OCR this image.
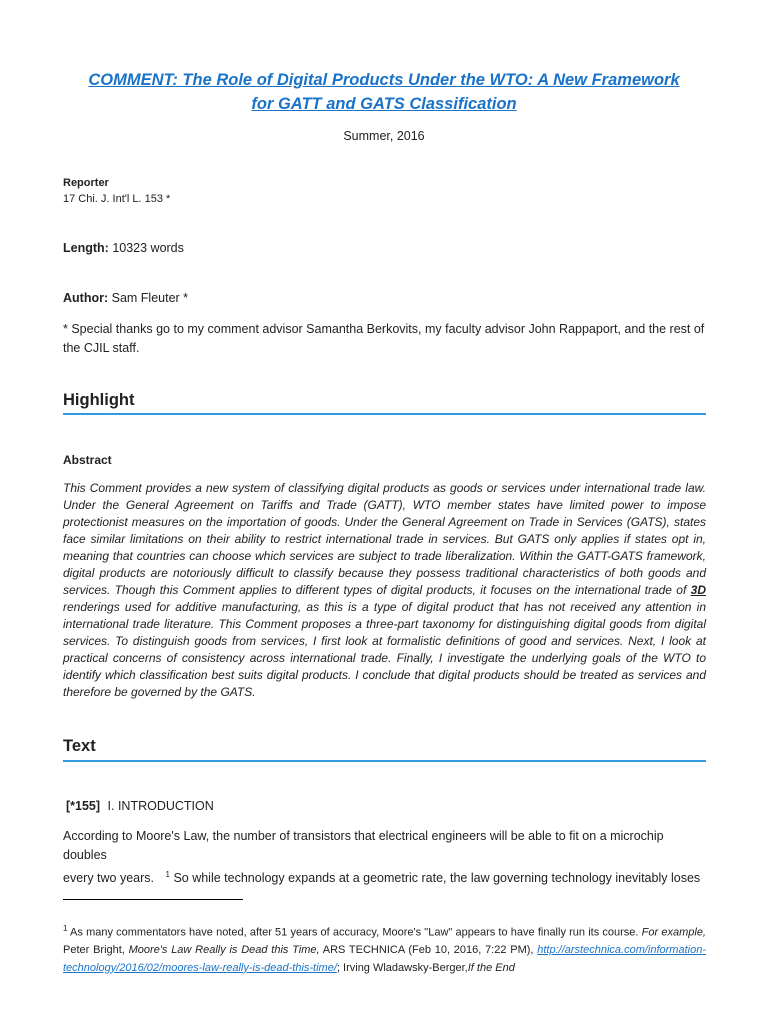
COMMENT: The Role of Digital Products Under the WTO: A New Framework
for GATT and GATS Classification
Summer, 2016
Reporter
17 Chi. J. Int'l L. 153 *
Length: 10323 words
Author: Sam Fleuter *
* Special thanks go to my comment advisor Samantha Berkovits, my faculty advisor John Rappaport, and the rest of the CJIL staff.
Highlight
Abstract
This Comment provides a new system of classifying digital products as goods or services under international trade law. Under the General Agreement on Tariffs and Trade (GATT), WTO member states have limited power to impose protectionist measures on the importation of goods. Under the General Agreement on Trade in Services (GATS), states face similar limitations on their ability to restrict international trade in services. But GATS only applies if states opt in, meaning that countries can choose which services are subject to trade liberalization. Within the GATT-GATS framework, digital products are notoriously difficult to classify because they possess traditional characteristics of both goods and services. Though this Comment applies to different types of digital products, it focuses on the international trade of 3D renderings used for additive manufacturing, as this is a type of digital product that has not received any attention in international trade literature. This Comment proposes a three-part taxonomy for distinguishing digital goods from digital services. To distinguish goods from services, I first look at formalistic definitions of good and services. Next, I look at practical concerns of consistency across international trade. Finally, I investigate the underlying goals of the WTO to identify which classification best suits digital products. I conclude that digital products should be treated as services and therefore be governed by the GATS.
Text
[*155] I. INTRODUCTION
According to Moore's Law, the number of transistors that electrical engineers will be able to fit on a microchip doubles
every two years. $^1$ So while technology expands at a geometric rate, the law governing technology inevitably loses
$^1$ As many commentators have noted, after 51 years of accuracy, Moore's "Law" appears to have finally run its course. For example, Peter Bright, Moore's Law Really is Dead this Time, ARS TECHNICA (Feb 10, 2016, 7:22 PM), http://arstechnica.com/information-technology/2016/02/moores-law-really-is-dead-this-time/; Irving Wladawsky-Berger,If the End
